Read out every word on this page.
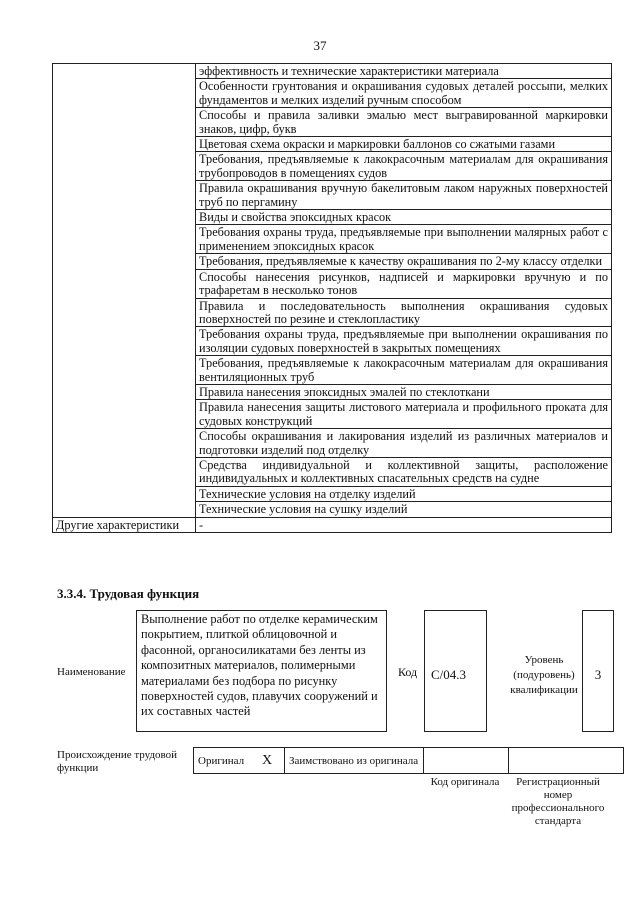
37
	эффективность и технические характеристики материала
	Особенности грунтования и окрашивания судовых деталей россыпи, мелких фундаментов и мелких изделий ручным способом
	Способы и правила заливки эмалью мест выгравированной маркировки знаков, цифр, букв
	Цветовая схема окраски и маркировки баллонов со сжатыми газами
	Требования, предъявляемые к лакокрасочным материалам для окрашивания трубопроводов в помещениях судов
	Правила окрашивания вручную бакелитовым лаком наружных поверхностей труб по пергамину
	Виды и свойства эпоксидных красок
	Требования охраны труда, предъявляемые при выполнении малярных работ с применением эпоксидных красок
	Требования, предъявляемые к качеству окрашивания по 2-му классу отделки
	Способы нанесения рисунков, надписей и маркировки вручную и по трафаретам в несколько тонов
	Правила и последовательность выполнения окрашивания судовых поверхностей по резине и стеклопластику
	Требования охраны труда, предъявляемые при выполнении окрашивания по изоляции судовых поверхностей в закрытых помещениях
	Требования, предъявляемые к лакокрасочным материалам для окрашивания вентиляционных труб
	Правила нанесения эпоксидных эмалей по стеклоткани
	Правила нанесения защиты листового материала и профильного проката для судовых конструкций
	Способы окрашивания и лакирования изделий из различных материалов и подготовки изделий под отделку
	Средства индивидуальной и коллективной защиты, расположение индивидуальных и коллективных спасательных средств на судне
	Технические условия на отделку изделий
	Технические условия на сушку изделий
Другие характеристики	-
3.3.4. Трудовая функция
Наименование
Выполнение работ по отделке керамическим покрытием, плиткой облицовочной и фасонной, органосиликатами без ленты из композитных материалов, полимерными материалами без подбора по рисунку поверхностей судов, плавучих сооружений и их составных частей
Код C/04.3
Уровень (подуровень) квалификации
3
Происхождение трудовой функции
Оригинал	X	Заимствовано из оригинала		
Код оригинала	Регистрационный номер профессионального стандарта
